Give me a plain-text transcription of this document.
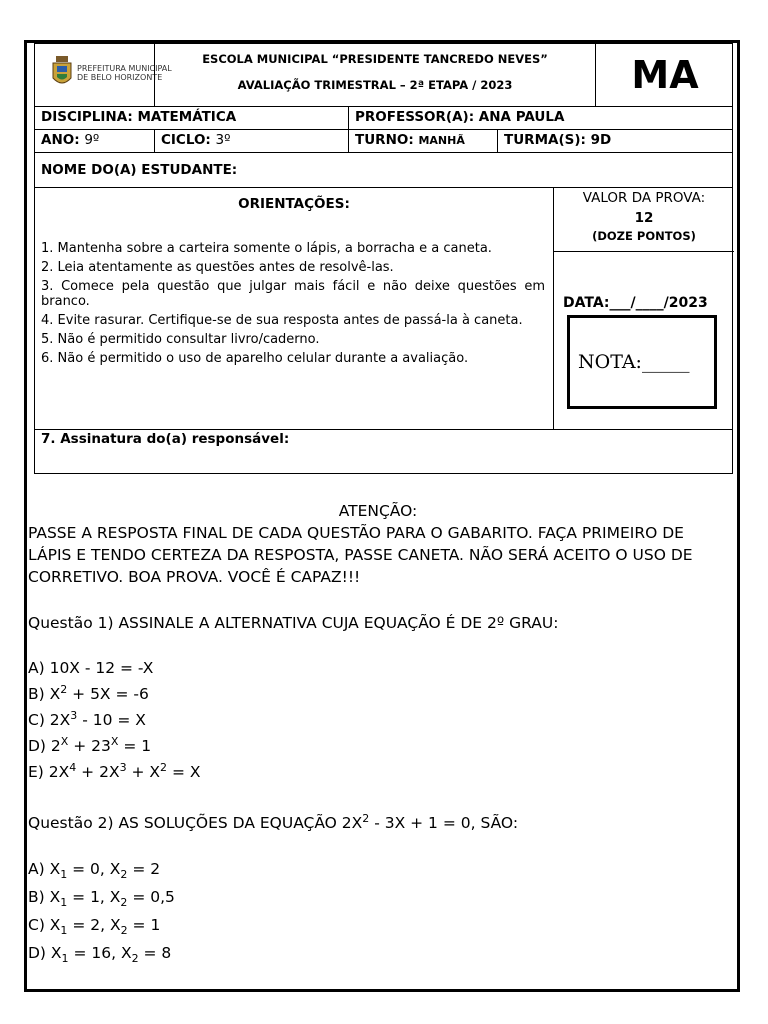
PREFEITURA MUNICIPAL
DE BELO HORIZONTE
ESCOLA MUNICIPAL “PRESIDENTE TANCREDO NEVES”
AVALIAÇÃO TRIMESTRAL – 2ª ETAPA / 2023	MA
DISCIPLINA: MATEMÁTICA	PROFESSOR(A): ANA PAULA
ANO: 9º	CICLO: 3º	TURNO: MANHÃ	TURMA(S): 9D
NOME DO(A) ESTUDANTE:
ORIENTAÇÕES:

1. Mantenha sobre a carteira somente o lápis, a borracha e a caneta.

2. Leia atentamente as questões antes de resolvê-las.

3. Comece pela questão que julgar mais fácil e não deixe questões em branco.

4. Evite rasurar. Certifique-se de sua resposta antes de passá-la à caneta.

5. Não é permitido consultar livro/caderno.

6. Não é permitido o uso de aparelho celular durante a avaliação.

VALOR DA PROVA:
12
(DOZE PONTOS)
DATA:___/____/2023
NOTA:_____
7. Assinatura do(a) responsável:
ATENÇÃO:
PASSE A RESPOSTA FINAL DE CADA QUESTÃO PARA O GABARITO. FAÇA PRIMEIRO DE LÁPIS E TENDO CERTEZA DA RESPOSTA, PASSE CANETA. NÃO SERÁ ACEITO O USO DE CORRETIVO. BOA PROVA. VOCÊ É CAPAZ!!!
Questão 1) ASSINALE A ALTERNATIVA CUJA EQUAÇÃO É DE 2º GRAU:
A) 10X - 12 = -X
B) $X^2 + 5X = -6$
C) $2X^3 - 10 = X$
D) $2^X + 23^X = 1$
E) $2X^4 + 2X^3 + X^2 = X$
Questão 2) AS SOLUÇÕES DA EQUAÇÃO $2X^2 - 3X + 1 = 0$, SÃO:
A) $X_1 = 0$, $X_2 = 2$
B) $X_1 = 1$, $X_2 = 0,5$
C) $X_1 = 2$, $X_2 = 1$
D) $X_1 = 16$, $X_2 = 8$
